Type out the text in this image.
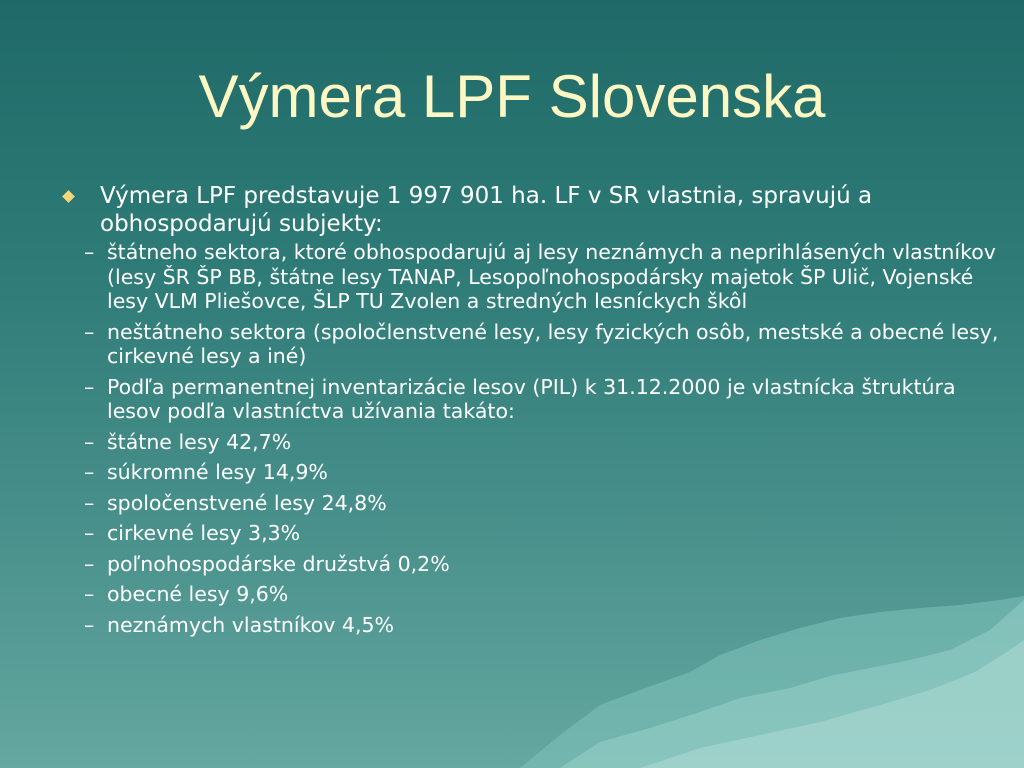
Výmera LPF Slovenska
Výmera LPF predstavuje 1 997 901 ha. LF v SR vlastnia, spravujú a obhospodarujú subjekty:
– štátneho sektora, ktoré obhospodarujú aj lesy neznámych a neprihlásených vlastníkov (lesy ŠR ŠP BB, štátne lesy TANAP, Lesopoľnohospodársky majetok ŠP Ulič, Vojenské lesy VLM Pliešovce, ŠLP TU Zvolen a stredných lesníckych škôl
– neštátneho sektora (spoločlenstvené lesy, lesy fyzických osôb, mestské a obecné lesy, cirkevné lesy a iné)
– Podľa permanentnej inventarizácie lesov (PIL) k 31.12.2000 je vlastnícka štruktúra lesov podľa vlastníctva užívania takáto:
– štátne lesy 42,7%
– súkromné lesy 14,9%
– spoločenstvené lesy 24,8%
– cirkevné lesy 3,3%
– poľnohospodárske družstvá 0,2%
– obecné lesy 9,6%
– neznámych vlastníkov 4,5%
